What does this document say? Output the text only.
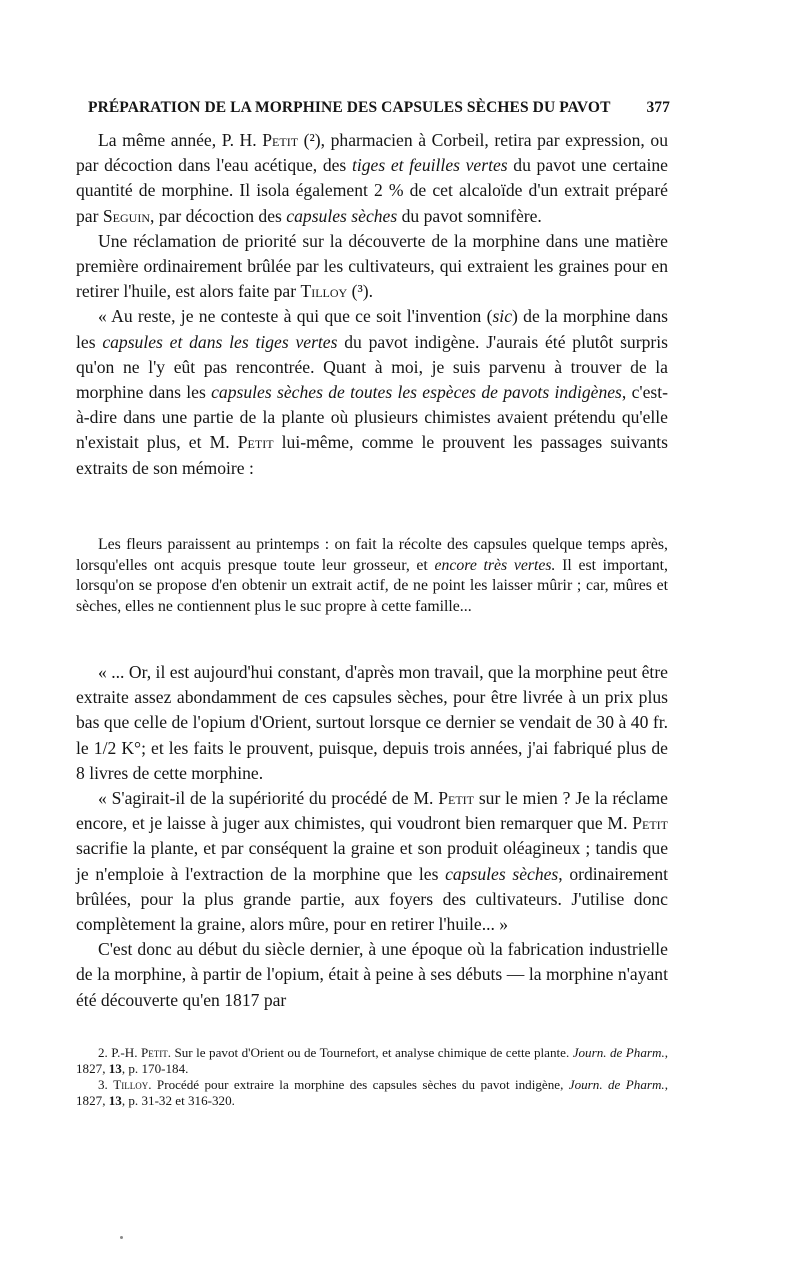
PRÉPARATION DE LA MORPHINE DES CAPSULES SÈCHES DU PAVOT 377

La même année, P. H. Petit (²), pharmacien à Corbeil, retira par expression, ou par décoction dans l'eau acétique, des tiges et feuilles vertes du pavot une certaine quantité de morphine. Il isola également 2 % de cet alcaloïde d'un extrait préparé par Seguin, par décoction des capsules sèches du pavot somnifère.

Une réclamation de priorité sur la découverte de la morphine dans une matière première ordinairement brûlée par les cultivateurs, qui extraient les graines pour en retirer l'huile, est alors faite par Tilloy (³).

« Au reste, je ne conteste à qui que ce soit l'invention (sic) de la morphine dans les capsules et dans les tiges vertes du pavot indigène. J'aurais été plutôt surpris qu'on ne l'y eût pas rencontrée. Quant à moi, je suis parvenu à trouver de la morphine dans les capsules sèches de toutes les espèces de pavots indigènes, c'est-à-dire dans une partie de la plante où plusieurs chimistes avaient prétendu qu'elle n'existait plus, et M. Petit lui-même, comme le prouvent les passages suivants extraits de son mémoire :

Les fleurs paraissent au printemps : on fait la récolte des capsules quelque temps après, lorsqu'elles ont acquis presque toute leur grosseur, et encore très vertes. Il est important, lorsqu'on se propose d'en obtenir un extrait actif, de ne point les laisser mûrir ; car, mûres et sèches, elles ne contiennent plus le suc propre à cette famille...

« ... Or, il est aujourd'hui constant, d'après mon travail, que la morphine peut être extraite assez abondamment de ces capsules sèches, pour être livrée à un prix plus bas que celle de l'opium d'Orient, surtout lorsque ce dernier se vendait de 30 à 40 fr. le 1/2 K°; et les faits le prouvent, puisque, depuis trois années, j'ai fabriqué plus de 8 livres de cette morphine.

« S'agirait-il de la supériorité du procédé de M. Petit sur le mien ? Je la réclame encore, et je laisse à juger aux chimistes, qui voudront bien remarquer que M. Petit sacrifie la plante, et par conséquent la graine et son produit oléagineux ; tandis que je n'emploie à l'extraction de la morphine que les capsules sèches, ordinairement brûlées, pour la plus grande partie, aux foyers des cultivateurs. J'utilise donc complètement la graine, alors mûre, pour en retirer l'huile... »

C'est donc au début du siècle dernier, à une époque où la fabrication industrielle de la morphine, à partir de l'opium, était à peine à ses débuts — la morphine n'ayant été découverte qu'en 1817 par

2. P.-H. Petit. Sur le pavot d'Orient ou de Tournefort, et analyse chimique de cette plante. Journ. de Pharm., 1827, 13, p. 170-184.

3. Tilloy. Procédé pour extraire la morphine des capsules sèches du pavot indigène, Journ. de Pharm., 1827, 13, p. 31-32 et 316-320.
